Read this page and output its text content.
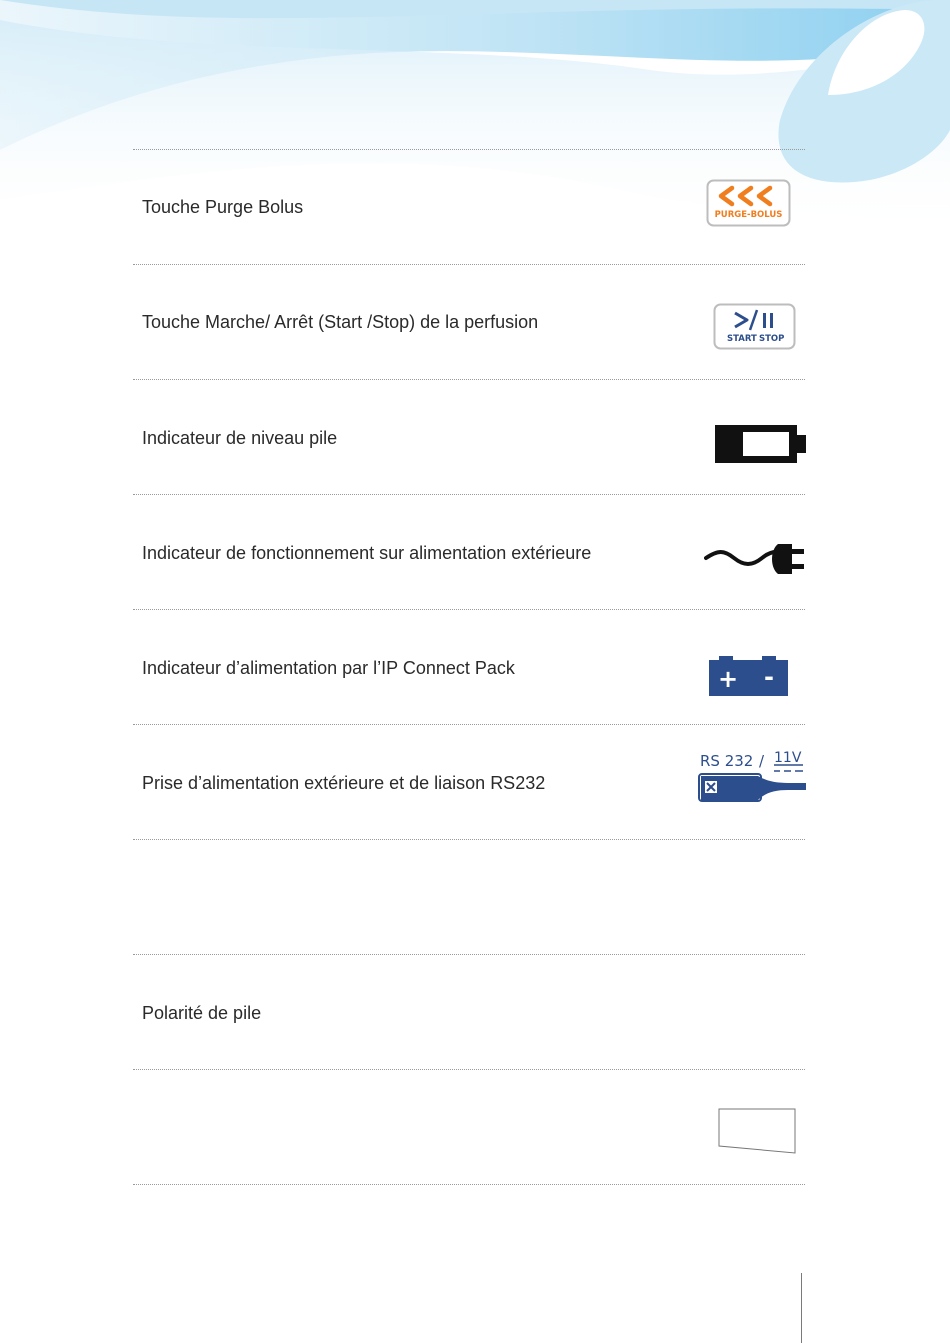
Touche Purge Bolus
Touche Marche/ Arrêt (Start /Stop) de la perfusion
Indicateur de niveau pile
Indicateur de fonctionnement sur alimentation extérieure
Indicateur d’alimentation par l’IP Connect Pack
Prise d’alimentation extérieure et de liaison RS232
Polarité de pile
PURGE-BOLUS
START STOP
+ -
RS 232 / 11V
